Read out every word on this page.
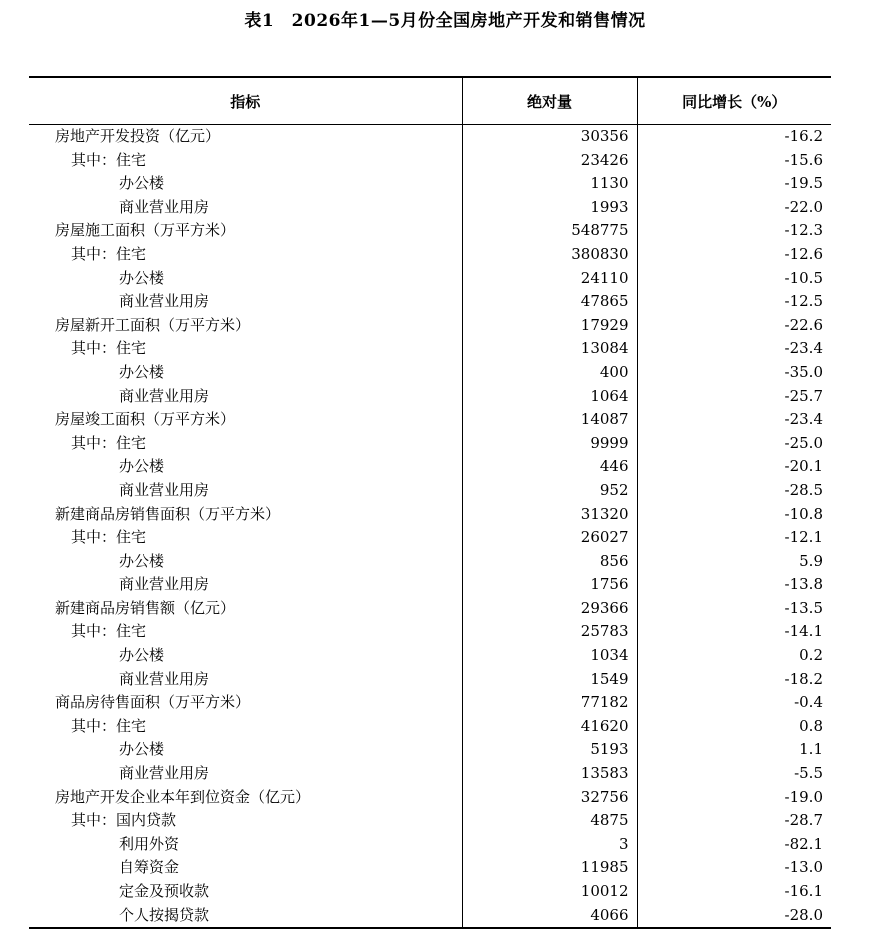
表1　2026年1—5月份全国房地产开发和销售情况
指标	绝对量	同比增长（%）
房地产开发投资（亿元）	30356	-16.2
其中：住宅	23426	-15.6
办公楼	1130	-19.5
商业营业用房	1993	-22.0
房屋施工面积（万平方米）	548775	-12.3
其中：住宅	380830	-12.6
办公楼	24110	-10.5
商业营业用房	47865	-12.5
房屋新开工面积（万平方米）	17929	-22.6
其中：住宅	13084	-23.4
办公楼	400	-35.0
商业营业用房	1064	-25.7
房屋竣工面积（万平方米）	14087	-23.4
其中：住宅	9999	-25.0
办公楼	446	-20.1
商业营业用房	952	-28.5
新建商品房销售面积（万平方米）	31320	-10.8
其中：住宅	26027	-12.1
办公楼	856	5.9
商业营业用房	1756	-13.8
新建商品房销售额（亿元）	29366	-13.5
其中：住宅	25783	-14.1
办公楼	1034	0.2
商业营业用房	1549	-18.2
商品房待售面积（万平方米）	77182	-0.4
其中：住宅	41620	0.8
办公楼	5193	1.1
商业营业用房	13583	-5.5
房地产开发企业本年到位资金（亿元）	32756	-19.0
其中：国内贷款	4875	-28.7
利用外资	3	-82.1
自筹资金	11985	-13.0
定金及预收款	10012	-16.1
个人按揭贷款	4066	-28.0
